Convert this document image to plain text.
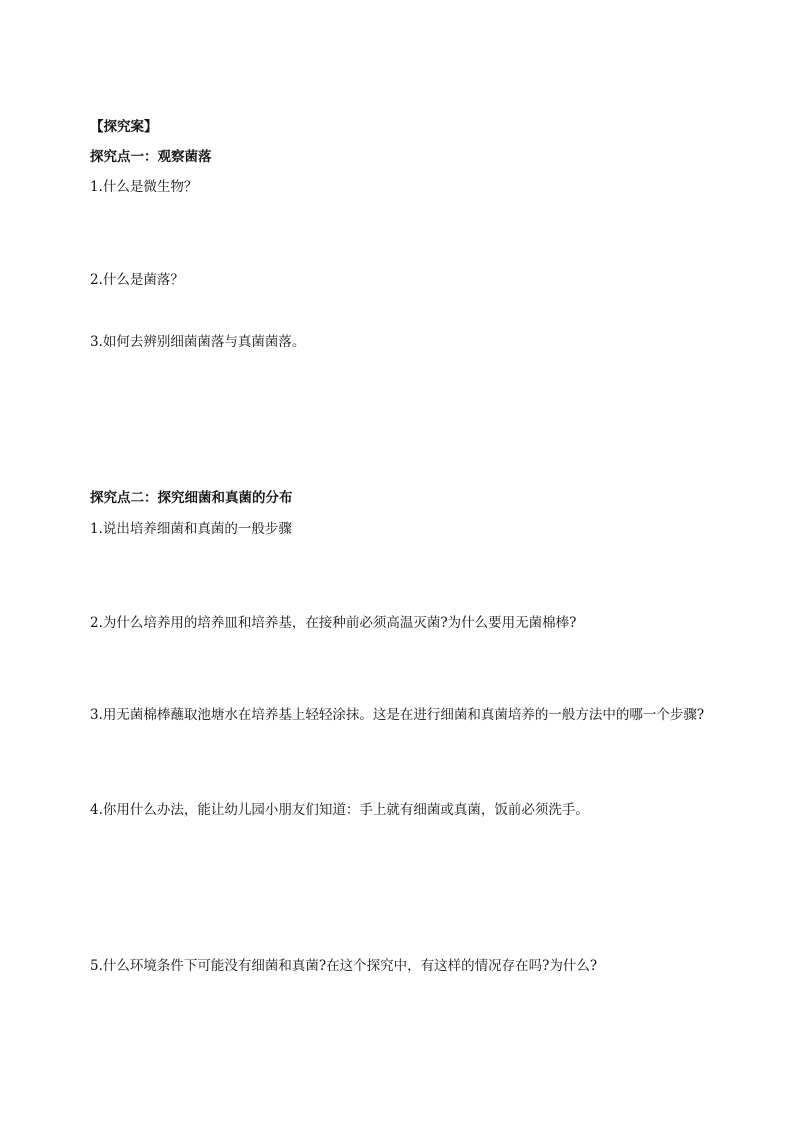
【探究案】
探究点一：观察菌落
1.什么是微生物？
2.什么是菌落？
3.如何去辨别细菌菌落与真菌菌落。
探究点二：探究细菌和真菌的分布
1.说出培养细菌和真菌的一般步骤
2.为什么培养用的培养皿和培养基，在接种前必须高温灭菌?为什么要用无菌棉棒?
3.用无菌棉棒蘸取池塘水在培养基上轻轻涂抹。这是在进行细菌和真菌培养的一般方法中的哪一个步骤?
4.你用什么办法，能让幼儿园小朋友们知道：手上就有细菌或真菌，饭前必须洗手。
5.什么环境条件下可能没有细菌和真菌?在这个探究中，有这样的情况存在吗?为什么?
